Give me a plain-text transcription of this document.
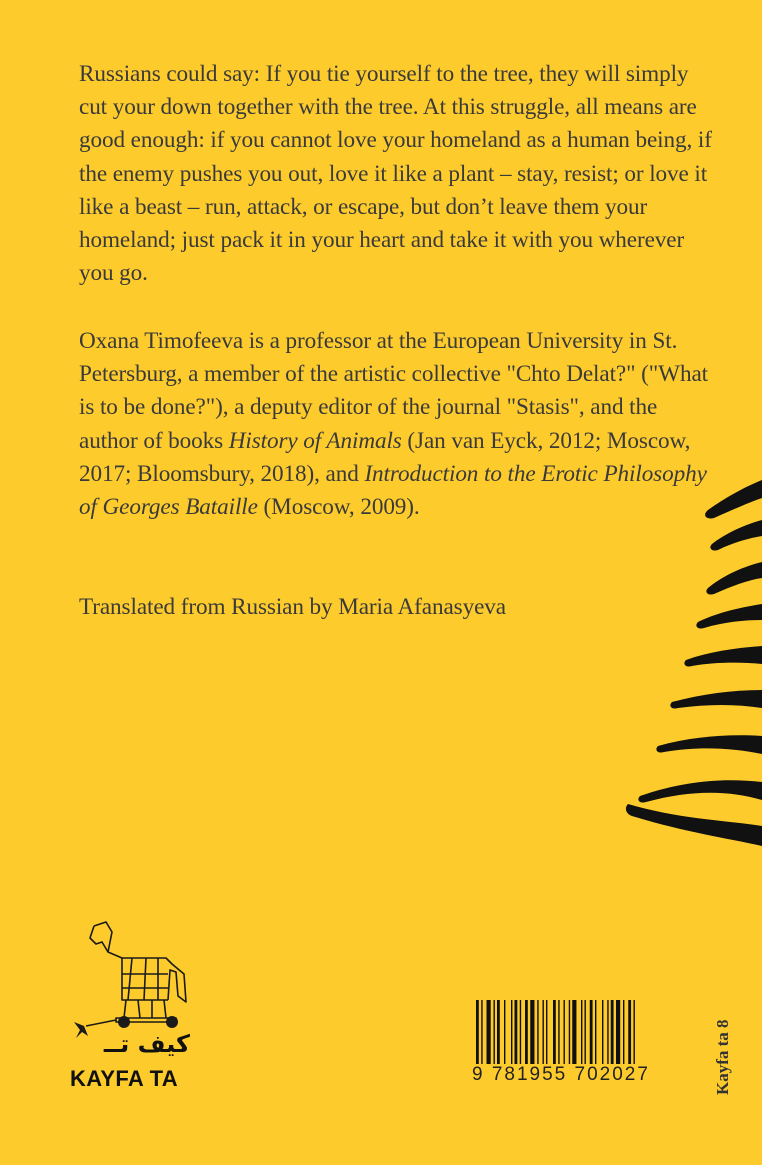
Russians could say: If you tie yourself to the tree, they will simply cut your down together with the tree. At this struggle, all means are good enough: if you cannot love your homeland as a human being, if the enemy pushes you out, love it like a plant – stay, resist; or love it like a beast – run, attack, or escape, but don’t leave them your homeland; just pack it in your heart and take it with you wherever you go.

Oxana Timofeeva is a professor at the European University in St. Petersburg, a member of the artistic collective "Chto Delat?" ("What is to be done?"), a deputy editor of the journal "Stasis", and the author of books History of Animals (Jan van Eyck, 2012; Moscow, 2017; Bloomsbury, 2018), and Introduction to the Erotic Philosophy of Georges Bataille (Moscow, 2009).

Translated from Russian by Maria Afanasyeva

كيف تــ
KAYFA TA	9 781955 702027	Kayfa ta 8
